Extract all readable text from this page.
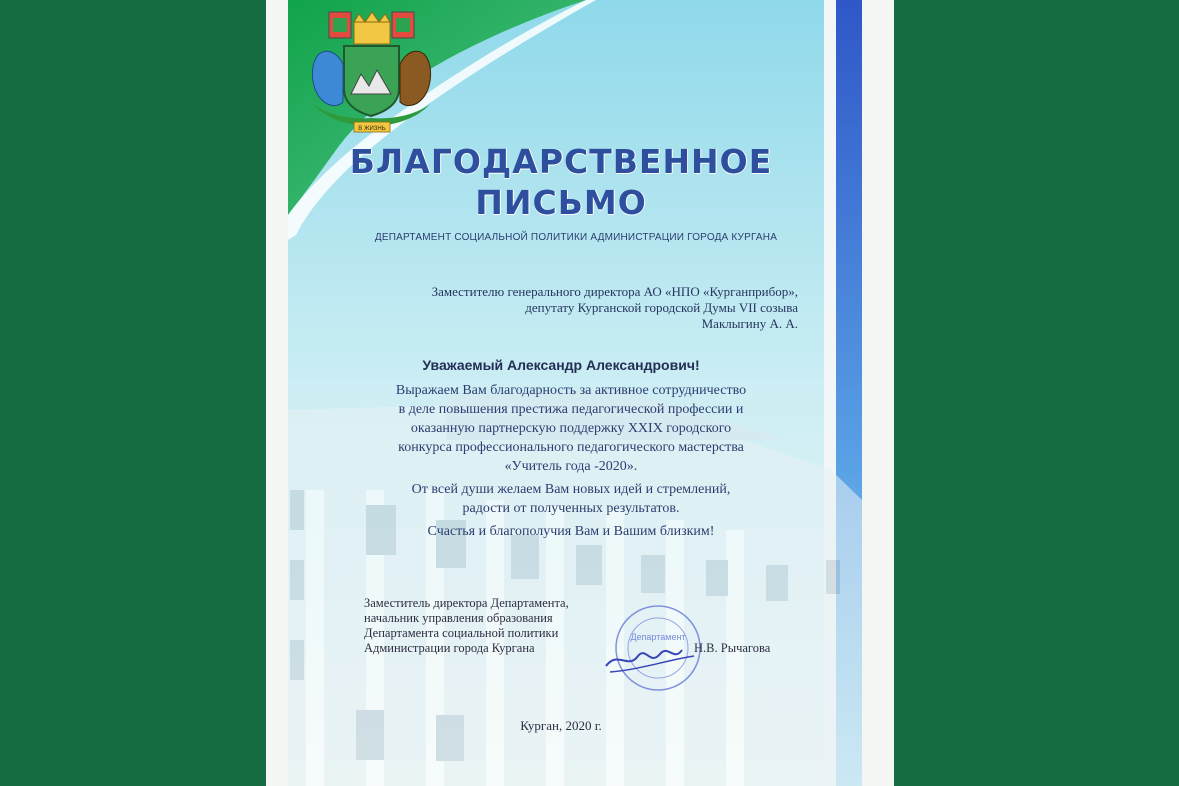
В ЖИЗНЬ
БЛАГОДАРСТВЕННОЕ
ПИСЬМО
ДЕПАРТАМЕНТ СОЦИАЛЬНОЙ ПОЛИТИКИ АДМИНИСТРАЦИИ ГОРОДА КУРГАНА
Заместителю генерального директора АО «НПО «Курганприбор»,
депутату Курганской городской Думы VII созыва
Маклыгину А. А.
Уважаемый Александр Александрович!
Выражаем Вам благодарность за активное сотрудничество
в деле повышения престижа педагогической профессии и
оказанную партнерскую поддержку XXIX городского
конкурса профессионального педагогического мастерства
«Учитель года -2020».
От всей души желаем Вам новых идей и стремлений,
радости от полученных результатов.
Счастья и благополучия Вам и Вашим близким!
Заместитель директора Департамента,
начальник управления образования
Департамента социальной политики
Администрации города Кургана
Департамент
Н.В. Рычагова
Курган, 2020 г.
